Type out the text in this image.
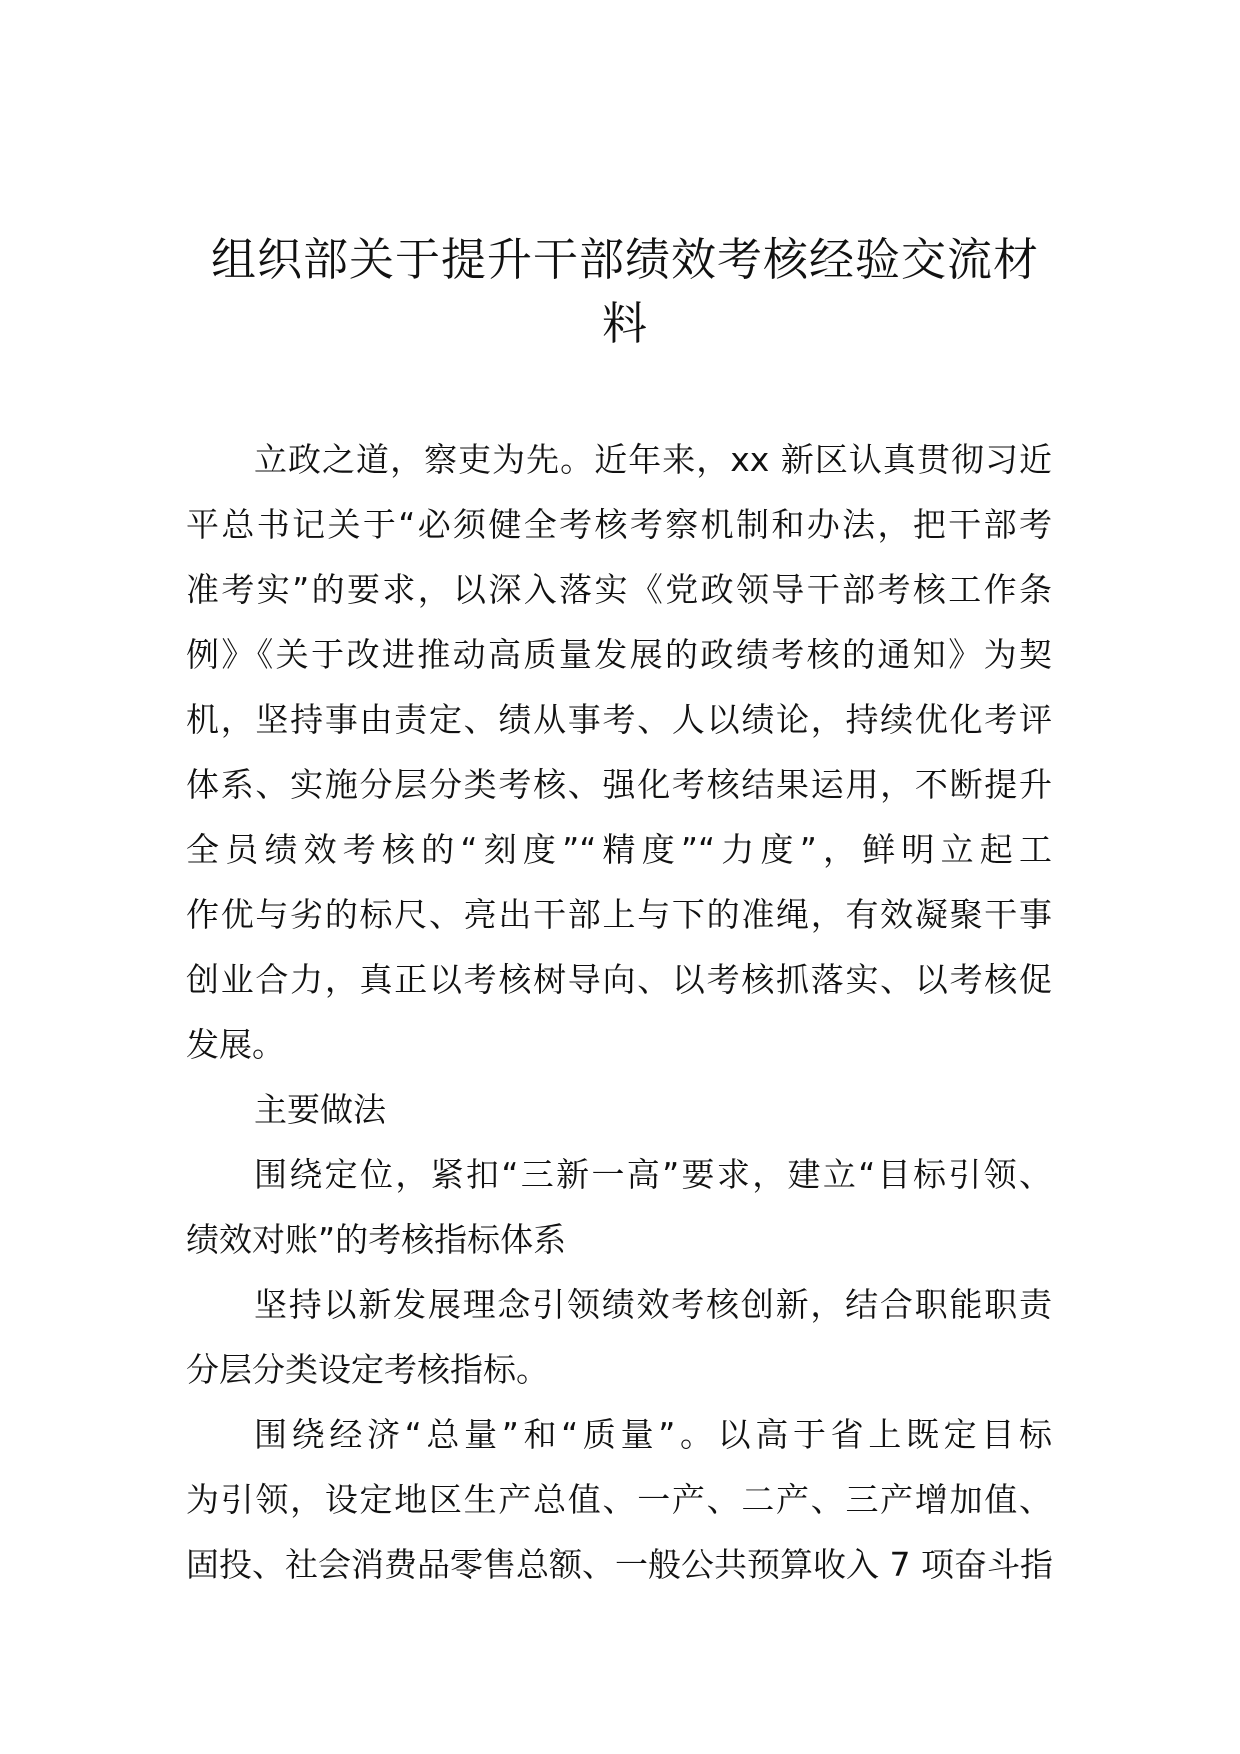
组织部关于提升干部绩效考核经验交流材
料
立政之道，察吏为先。近年来，xx 新区认真贯彻习近
平总书记关于“必须健全考核考察机制和办法，把干部考
准考实”的要求，以深入落实《党政领导干部考核工作条
例》《关于改进推动高质量发展的政绩考核的通知》为契
机，坚持事由责定、绩从事考、人以绩论，持续优化考评
体系、实施分层分类考核、强化考核结果运用，不断提升
全员绩效考核的“刻度”“精度”“力度”，鲜明立起工
作优与劣的标尺、亮出干部上与下的准绳，有效凝聚干事
创业合力，真正以考核树导向、以考核抓落实、以考核促
发展。
主要做法
围绕定位，紧扣“三新一高”要求，建立“目标引领、
绩效对账”的考核指标体系
坚持以新发展理念引领绩效考核创新，结合职能职责
分层分类设定考核指标。
围绕经济“总量”和“质量”。以高于省上既定目标
为引领，设定地区生产总值、一产、二产、三产增加值、
固投、社会消费品零售总额、一般公共预算收入 7 项奋斗指
